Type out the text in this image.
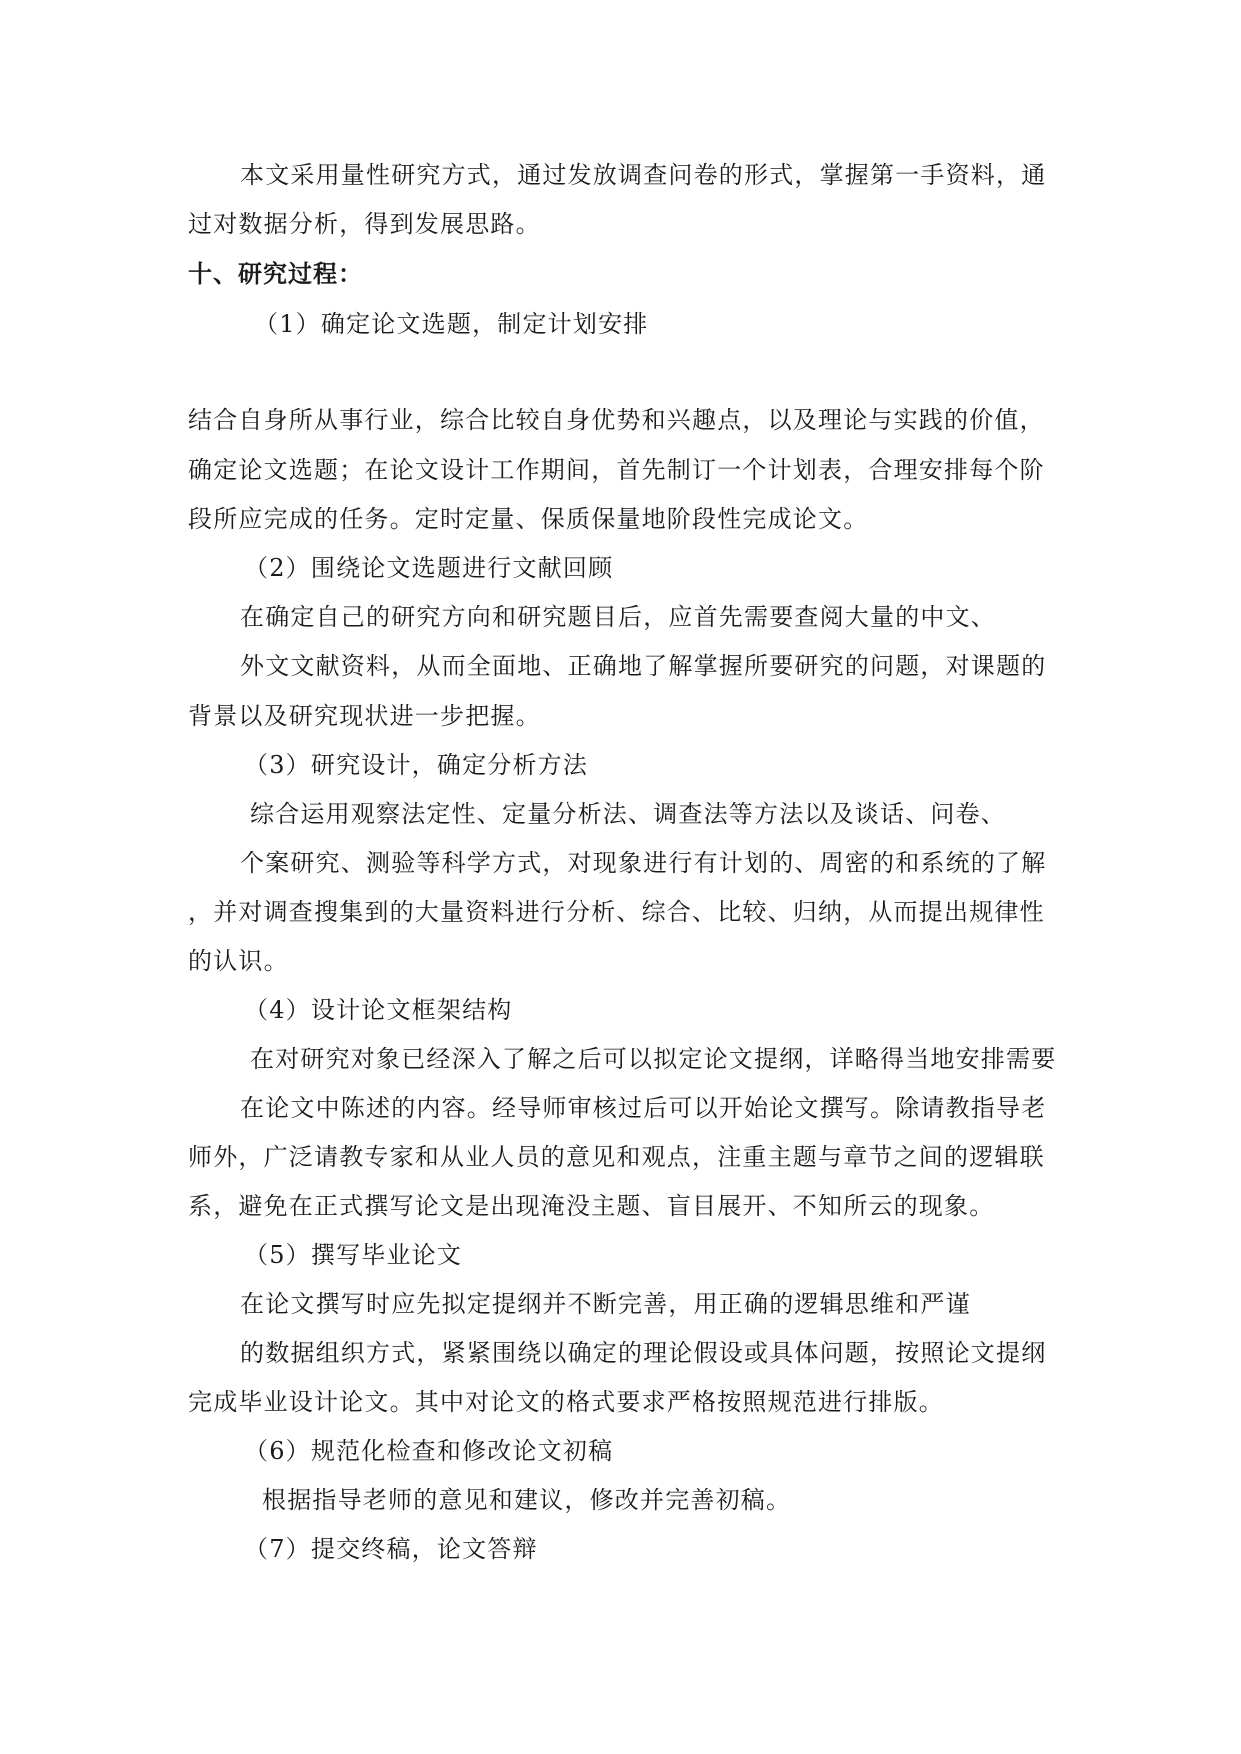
本文采用量性研究方式，通过发放调查问卷的形式，掌握第一手资料，通
过对数据分析，得到发展思路。
十、研究过程：
（1）确定论文选题，制定计划安排
结合自身所从事行业，综合比较自身优势和兴趣点，以及理论与实践的价值，
确定论文选题；在论文设计工作期间，首先制订一个计划表，合理安排每个阶
段所应完成的任务。定时定量、保质保量地阶段性完成论文。
（2）围绕论文选题进行文献回顾
在确定自己的研究方向和研究题目后，应首先需要查阅大量的中文、
外文文献资料，从而全面地、正确地了解掌握所要研究的问题，对课题的
背景以及研究现状进一步把握。
（3）研究设计，确定分析方法
综合运用观察法定性、定量分析法、调查法等方法以及谈话、问卷、
个案研究、测验等科学方式，对现象进行有计划的、周密的和系统的了解
，并对调查搜集到的大量资料进行分析、综合、比较、归纳，从而提出规律性
的认识。
（4）设计论文框架结构
在对研究对象已经深入了解之后可以拟定论文提纲，详略得当地安排需要
在论文中陈述的内容。经导师审核过后可以开始论文撰写。除请教指导老
师外，广泛请教专家和从业人员的意见和观点，注重主题与章节之间的逻辑联
系，避免在正式撰写论文是出现淹没主题、盲目展开、不知所云的现象。
（5）撰写毕业论文
在论文撰写时应先拟定提纲并不断完善，用正确的逻辑思维和严谨
的数据组织方式，紧紧围绕以确定的理论假设或具体问题，按照论文提纲
完成毕业设计论文。其中对论文的格式要求严格按照规范进行排版。
（6）规范化检查和修改论文初稿
根据指导老师的意见和建议，修改并完善初稿。
（7）提交终稿，论文答辩
